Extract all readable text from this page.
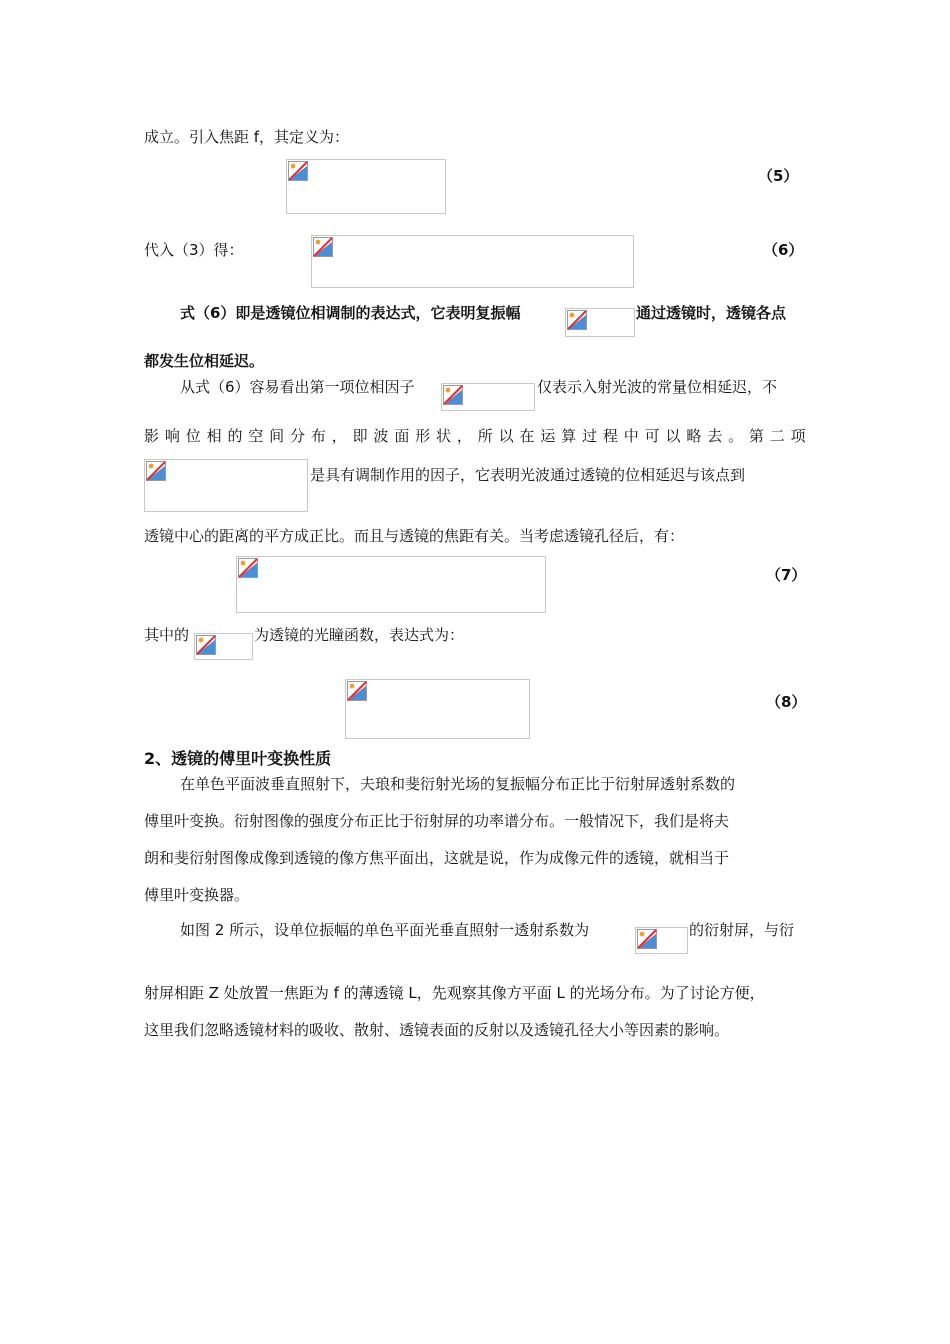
成立。引入焦距 f，其定义为：
（5）
代入（3）得：	（6）
式（6）即是透镜位相调制的表达式，它表明复振幅	通过透镜时，透镜各点
都发生位相延迟。
从式（6）容易看出第一项位相因子	仅表示入射光波的常量位相延迟，不
影 响 位 相 的 空 间 分 布 ， 即 波 面 形 状 ， 所 以 在 运 算 过 程 中 可 以 略 去 。 第 二 项
是具有调制作用的因子，它表明光波通过透镜的位相延迟与该点到
透镜中心的距离的平方成正比。而且与透镜的焦距有关。当考虑透镜孔径后，有：
（7）
其中的	为透镜的光瞳函数，表达式为：
（8）
2、透镜的傅里叶变换性质
在单色平面波垂直照射下，夫琅和斐衍射光场的复振幅分布正比于衍射屏透射系数的
傅里叶变换。衍射图像的强度分布正比于衍射屏的功率谱分布。一般情况下，我们是将夫
朗和斐衍射图像成像到透镜的像方焦平面出，这就是说，作为成像元件的透镜，就相当于
傅里叶变换器。
如图 2 所示，设单位振幅的单色平面光垂直照射一透射系数为	的衍射屏，与衍
射屏相距 Z 处放置一焦距为 f 的薄透镜 L，先观察其像方平面 L 的光场分布。为了讨论方便，
这里我们忽略透镜材料的吸收、散射、透镜表面的反射以及透镜孔径大小等因素的影响。
